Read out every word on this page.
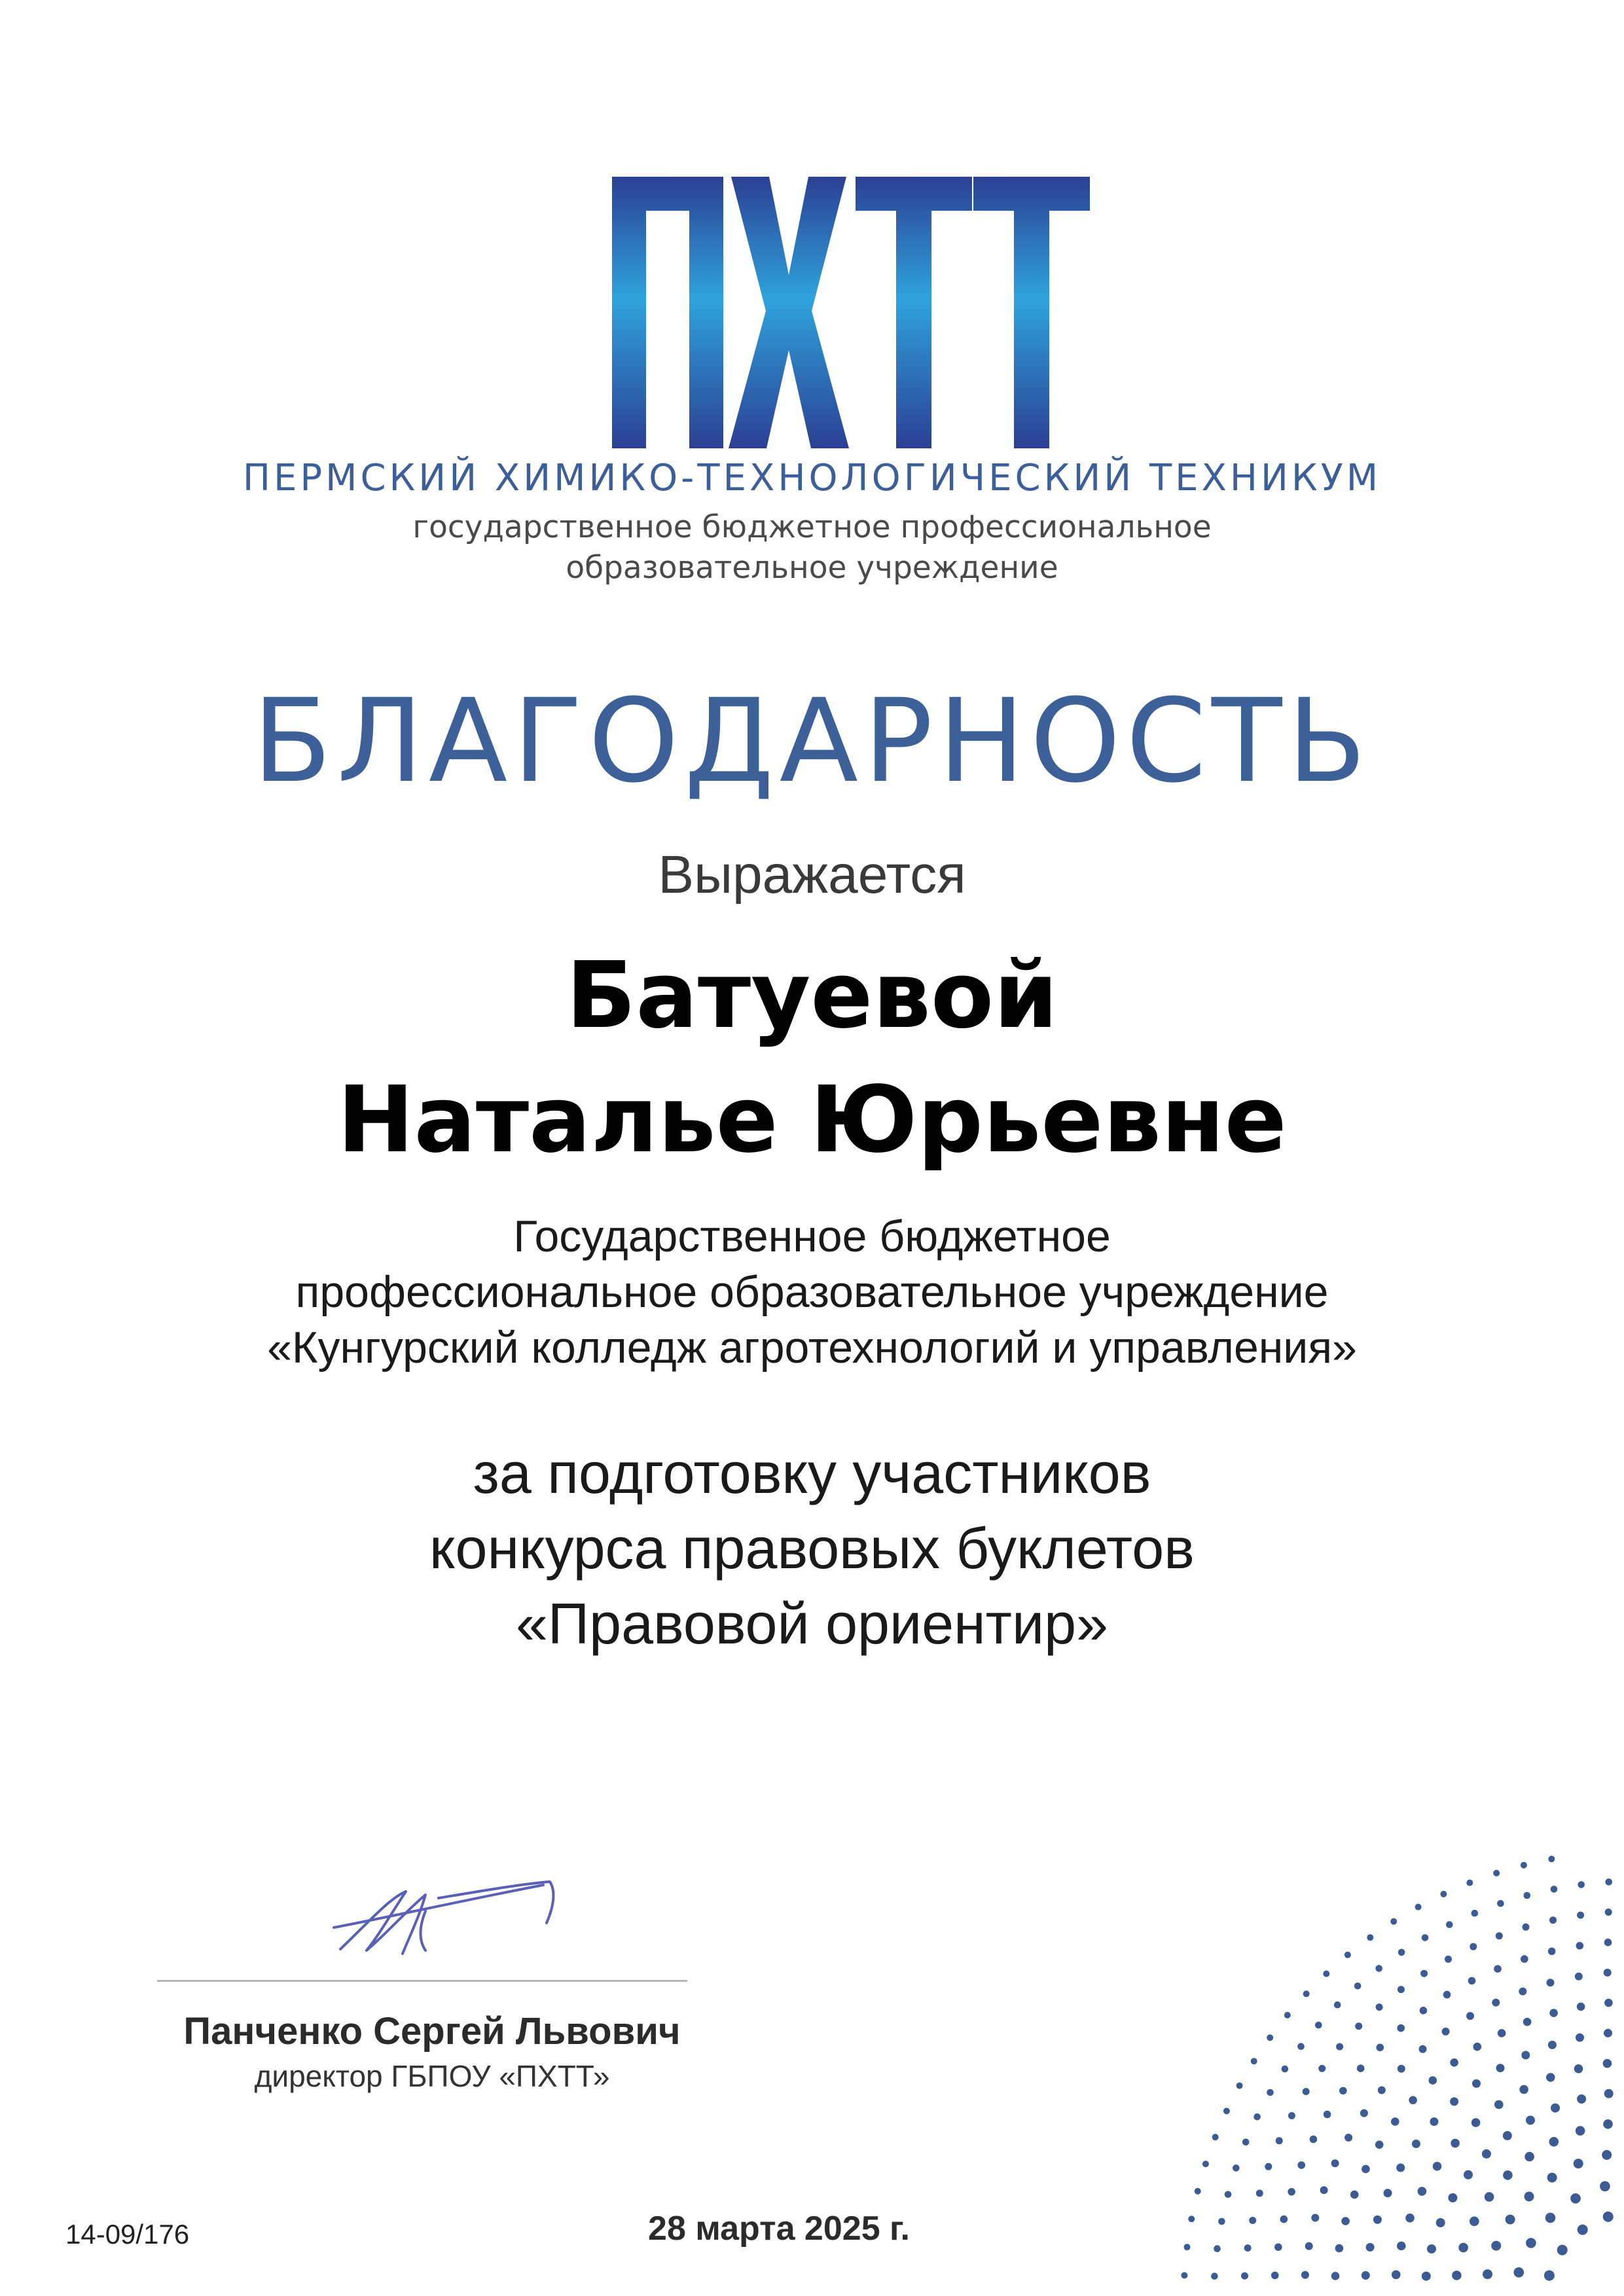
ПЕРМСКИЙ ХИМИКО-ТЕХНОЛОГИЧЕСКИЙ ТЕХНИКУМ
государственное бюджетное профессиональное
образовательное учреждение
БЛАГОДАРНОСТЬ
Выражается
Батуевой
Наталье Юрьевне
Государственное бюджетное
профессиональное образовательное учреждение
«Кунгурский колледж агротехнологий и управления»
за подготовку участников
конкурса правовых буклетов
«Правовой ориентир»
Панченко Сергей Львович
директор ГБПОУ «ПХТТ»
14-09/176	28 марта 2025 г.
